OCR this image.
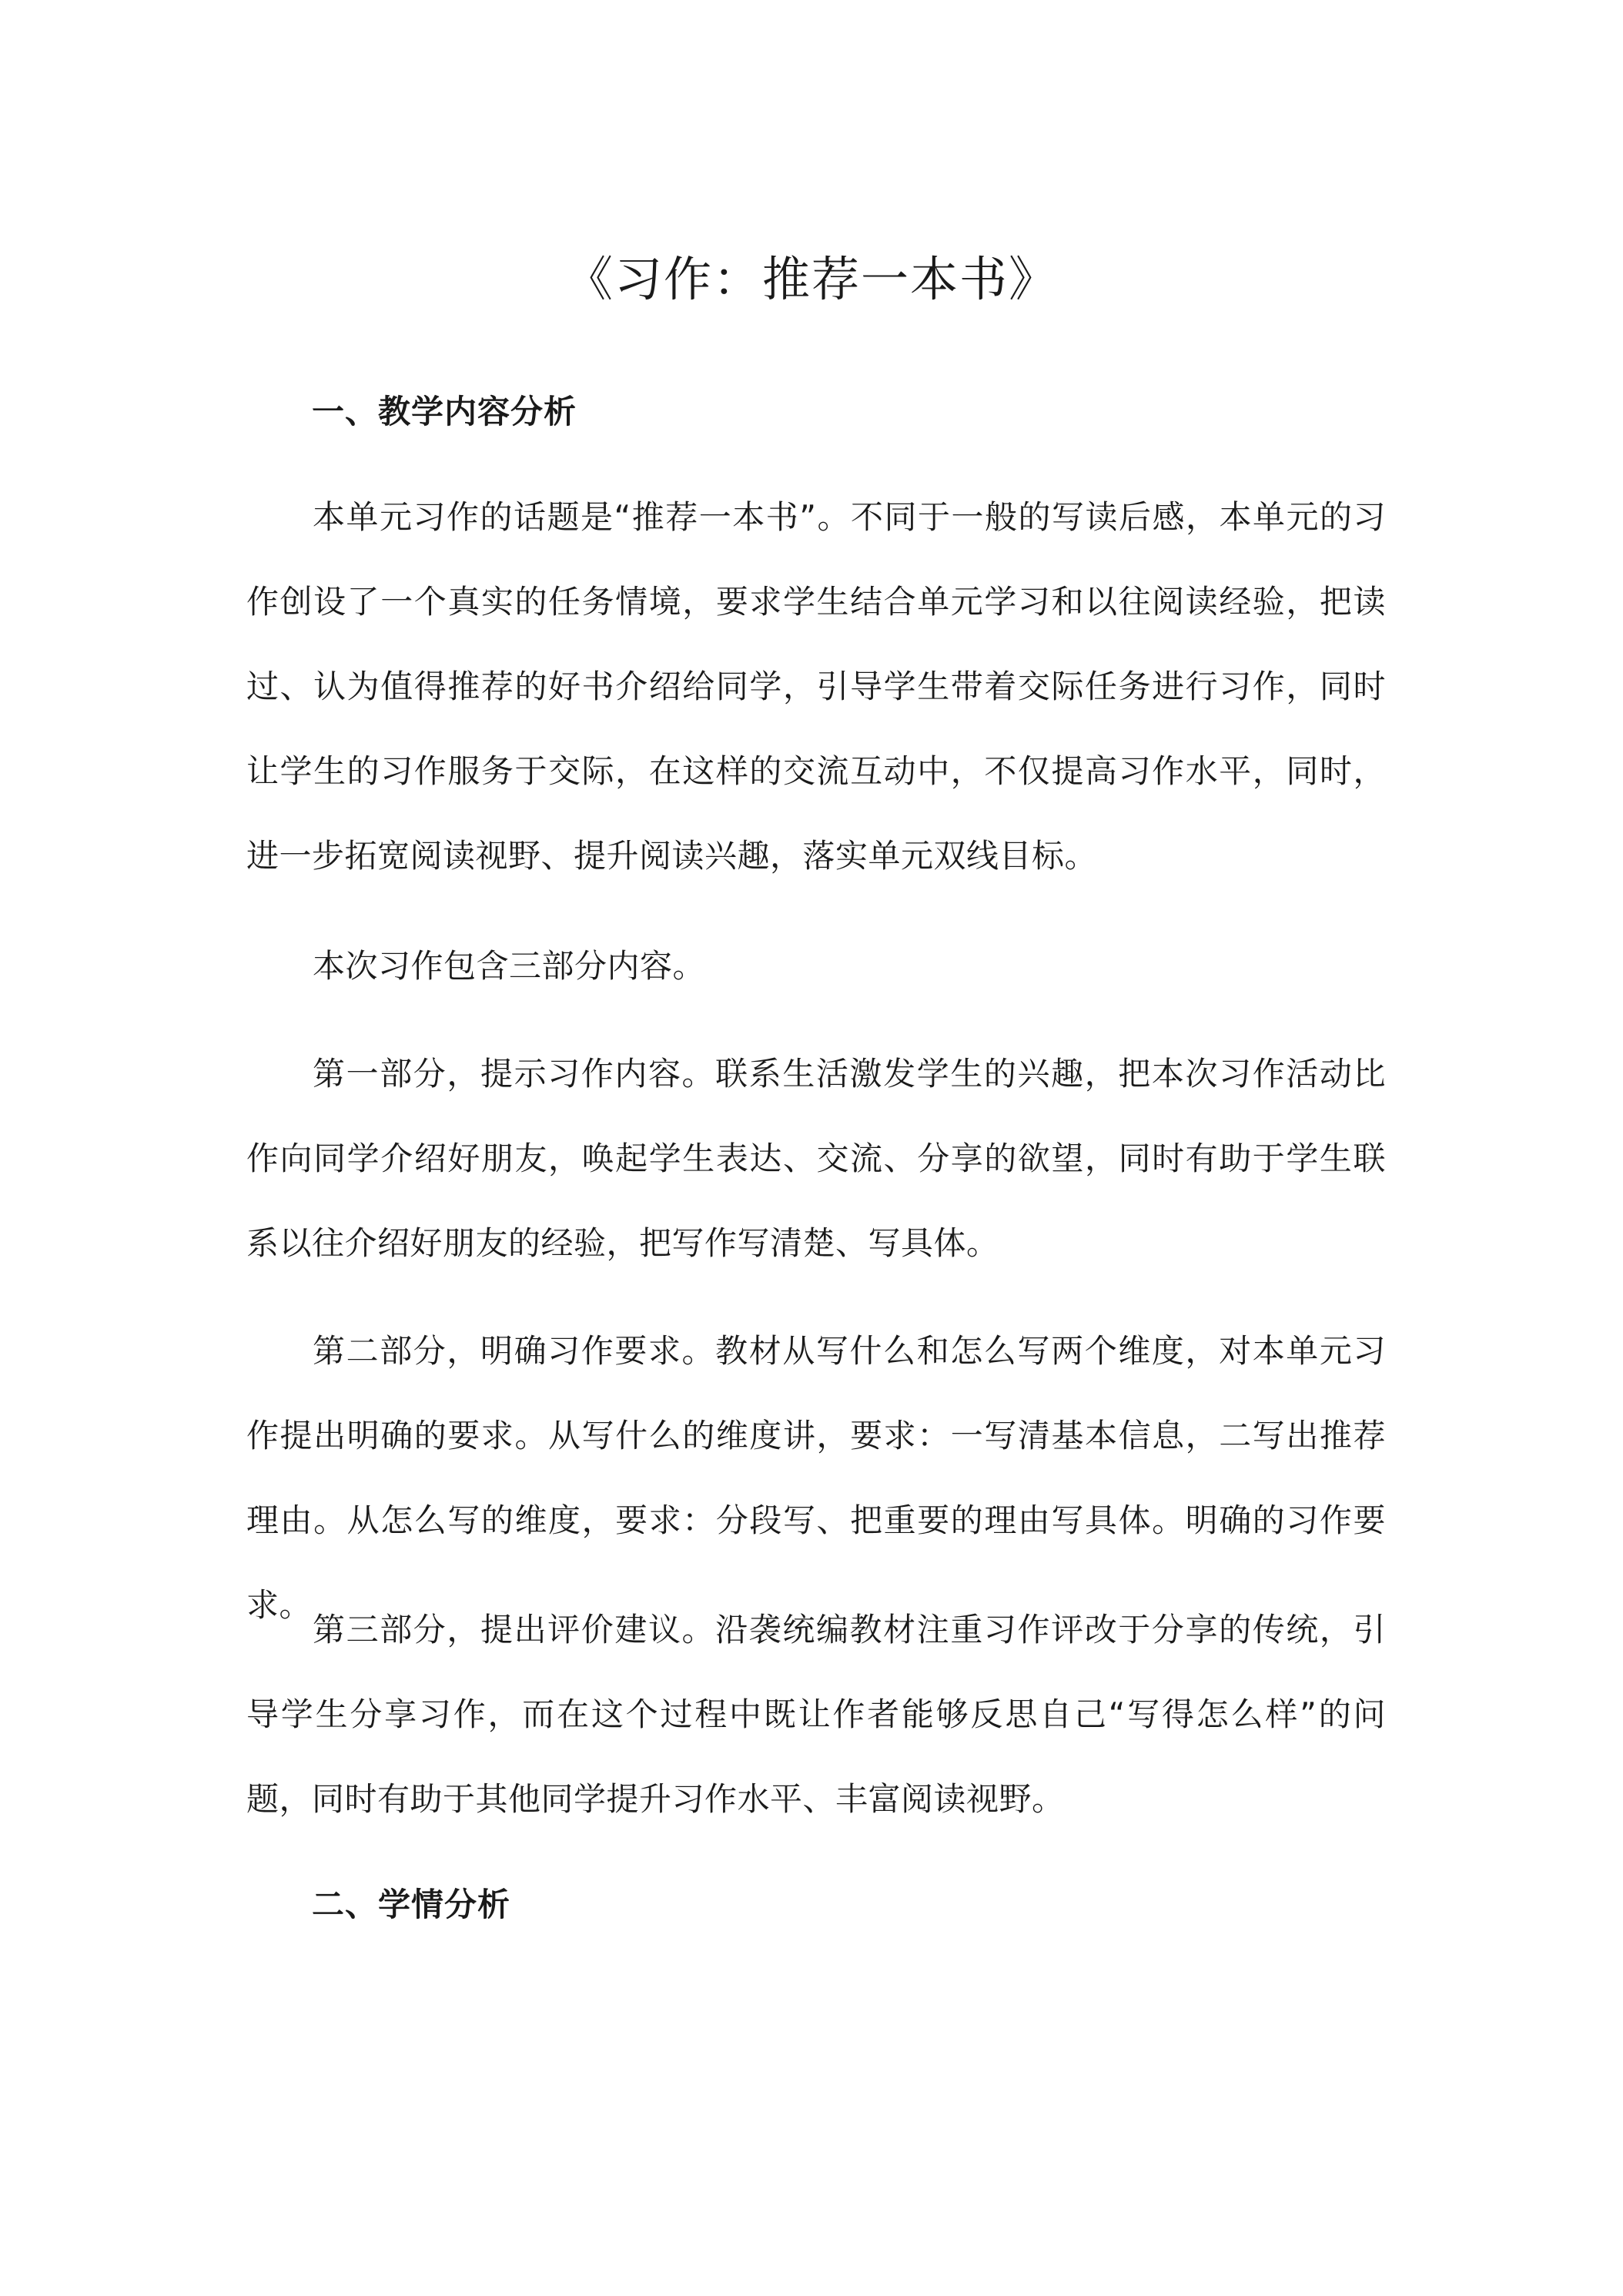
《习作：推荐一本书》
一、教学内容分析
本单元习作的话题是“推荐一本书”。不同于一般的写读后感，本单元的习作创设了一个真实的任务情境，要求学生结合单元学习和以往阅读经验，把读过、认为值得推荐的好书介绍给同学，引导学生带着交际任务进行习作，同时让学生的习作服务于交际，在这样的交流互动中，不仅提高习作水平，同时，进一步拓宽阅读视野、提升阅读兴趣，落实单元双线目标。
本次习作包含三部分内容。
第一部分，提示习作内容。联系生活激发学生的兴趣，把本次习作活动比作向同学介绍好朋友，唤起学生表达、交流、分享的欲望，同时有助于学生联系以往介绍好朋友的经验，把写作写清楚、写具体。
第二部分，明确习作要求。教材从写什么和怎么写两个维度，对本单元习作提出明确的要求。从写什么的维度讲，要求：一写清基本信息，二写出推荐理由。从怎么写的维度，要求：分段写、把重要的理由写具体。明确的习作要求。
第三部分，提出评价建议。沿袭统编教材注重习作评改于分享的传统，引导学生分享习作，而在这个过程中既让作者能够反思自己“写得怎么样”的问题，同时有助于其他同学提升习作水平、丰富阅读视野。
二、学情分析
